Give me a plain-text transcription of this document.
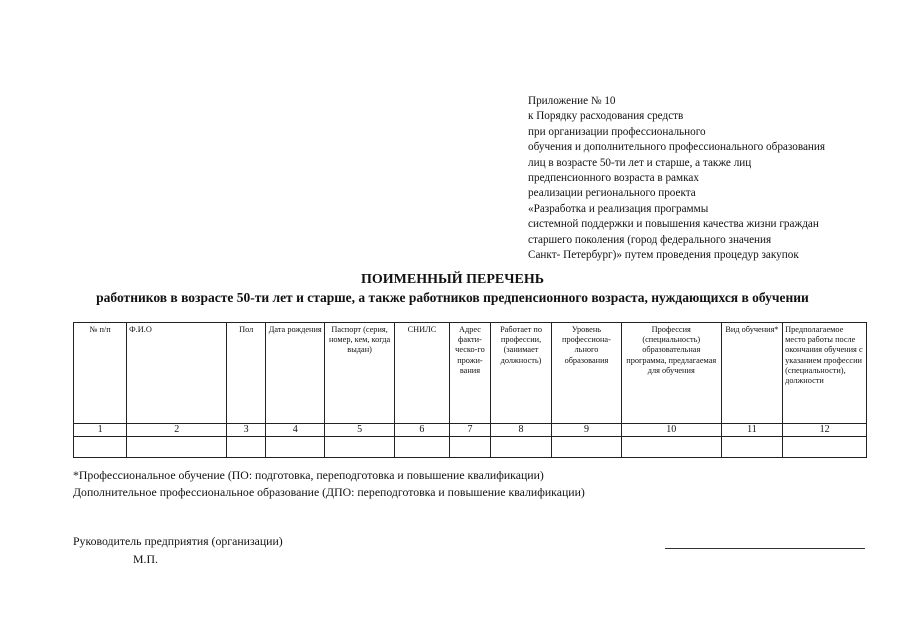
Приложение № 10
к Порядку расходования средств
при организации профессионального
обучения и дополнительного профессионального образования
лиц в возрасте 50-ти лет и старше, а также лиц
предпенсионного возраста в рамках
реализации регионального проекта
«Разработка и реализация программы
системной поддержки и повышения качества жизни граждан
старшего поколения (город федерального значения
Санкт- Петербург)» путем проведения процедур закупок
ПОИМЕННЫЙ ПЕРЕЧЕНЬ
работников в возрасте 50-ти лет и старше, а также работников предпенсионного возраста, нуждающихся в обучении
№ п/п	Ф.И.О	Пол	Дата рождения	Паспорт (серия, номер, кем, когда выдан)	СНИЛС	Адрес факти-ческо-го прожи-вания	Работает по профессии, (занимает должность)	Уровень профессиона-льного образования	Профессия (специальность) образовательная программа, предлагаемая для обучения	Вид обучения*	Предполагаемое место работы после окончания обучения с указанием профессии (специальности), должности
1	2	3	4	5	6	7	8	9	10	11	12

*Профессиональное обучение (ПО: подготовка, переподготовка и повышение квалификации)
Дополнительное профессиональное образование (ДПО: переподготовка и повышение квалификации)
Руководитель предприятия (организации)
М.П.
